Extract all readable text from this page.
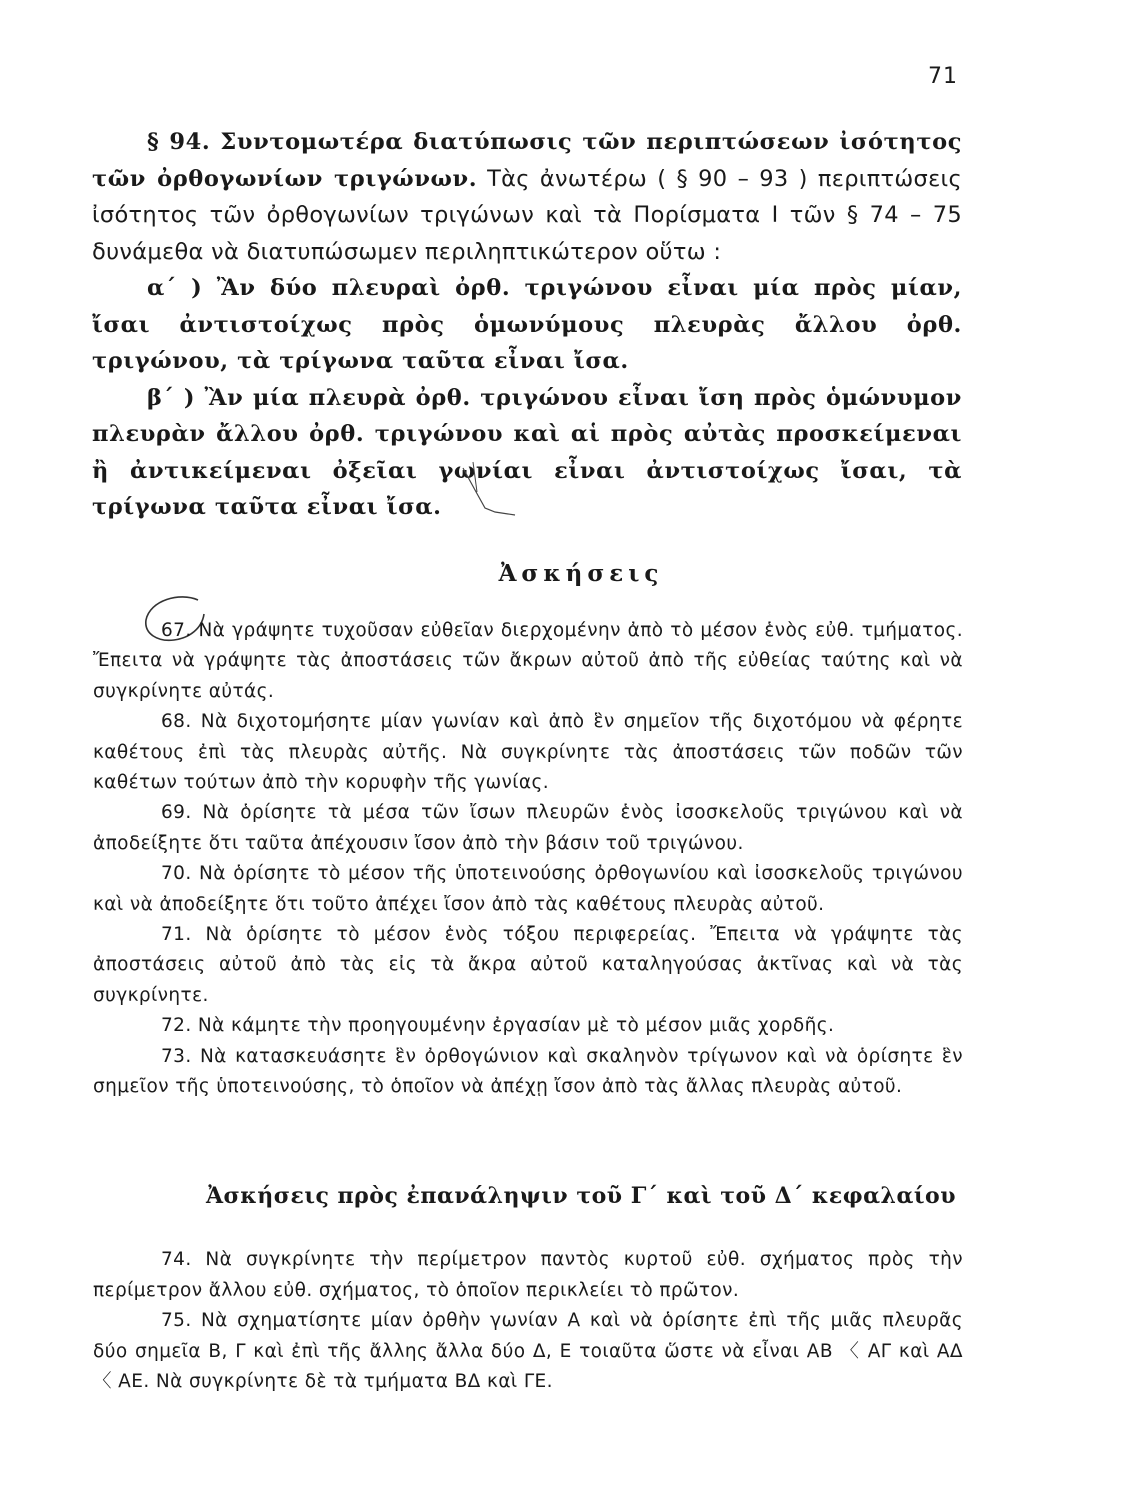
71

§ 94. Συντομωτέρα διατύπωσις τῶν περιπτώσεων ἰσότητος τῶν ὀρθογωνίων τριγώνων. Τὰς ἀνωτέρω ( § 90 – 93 ) περιπτώσεις ἰσότητος τῶν ὀρθογωνίων τριγώνων καὶ τὰ Πορίσματα Ι τῶν § 74 – 75 δυνάμεθα νὰ διατυπώσωμεν περιληπτικώτερον οὕτω :

α΄ ) Ἂν δύο πλευραὶ ὀρθ. τριγώνου εἶναι μία πρὸς μίαν, ἴσαι ἀντιστοίχως πρὸς ὁμωνύμους πλευρὰς ἄλλου ὀρθ. τριγώνου, τὰ τρίγωνα ταῦτα εἶναι ἴσα.

β΄ ) Ἂν μία πλευρὰ ὀρθ. τριγώνου εἶναι ἴση πρὸς ὁμώνυμον πλευρὰν ἄλλου ὀρθ. τριγώνου καὶ αἱ πρὸς αὐτὰς προσκείμεναι ἢ ἀντικείμεναι ὀξεῖαι γωνίαι εἶναι ἀντιστοίχως ἴσαι, τὰ τρίγωνα ταῦτα εἶναι ἴσα.

Ἀσκήσεις

67. Νὰ γράψητε τυχοῦσαν εὐθεῖαν διερχομένην ἀπὸ τὸ μέσον ἑνὸς εὐθ. τμήματος. Ἔπειτα νὰ γράψητε τὰς ἀποστάσεις τῶν ἄκρων αὐτοῦ ἀπὸ τῆς εὐθείας ταύτης καὶ νὰ συγκρίνητε αὐτάς.

68. Νὰ διχοτομήσητε μίαν γωνίαν καὶ ἀπὸ ἓν σημεῖον τῆς διχοτόμου νὰ φέρητε καθέτους ἐπὶ τὰς πλευρὰς αὐτῆς. Νὰ συγκρίνητε τὰς ἀποστάσεις τῶν ποδῶν τῶν καθέτων τούτων ἀπὸ τὴν κορυφὴν τῆς γωνίας.

69. Νὰ ὁρίσητε τὰ μέσα τῶν ἴσων πλευρῶν ἑνὸς ἰσοσκελοῦς τριγώνου καὶ νὰ ἀποδείξητε ὅτι ταῦτα ἀπέχουσιν ἴσον ἀπὸ τὴν βάσιν τοῦ τριγώνου.

70. Νὰ ὁρίσητε τὸ μέσον τῆς ὑποτεινούσης ὀρθογωνίου καὶ ἰσοσκελοῦς τριγώνου καὶ νὰ ἀποδείξητε ὅτι τοῦτο ἀπέχει ἴσον ἀπὸ τὰς καθέτους πλευρὰς αὐτοῦ.

71. Νὰ ὁρίσητε τὸ μέσον ἑνὸς τόξου περιφερείας. Ἔπειτα νὰ γράψητε τὰς ἀποστάσεις αὐτοῦ ἀπὸ τὰς εἰς τὰ ἄκρα αὐτοῦ καταληγούσας ἀκτῖνας καὶ νὰ τὰς συγκρίνητε.

72. Νὰ κάμητε τὴν προηγουμένην ἐργασίαν μὲ τὸ μέσον μιᾶς χορδῆς.

73. Νὰ κατασκευάσητε ἓν ὀρθογώνιον καὶ σκαληνὸν τρίγωνον καὶ νὰ ὁρίσητε ἓν σημεῖον τῆς ὑποτεινούσης, τὸ ὁποῖον νὰ ἀπέχῃ ἴσον ἀπὸ τὰς ἄλλας πλευρὰς αὐτοῦ.

Ἀσκήσεις πρὸς ἐπανάληψιν τοῦ Γ΄ καὶ τοῦ Δ΄ κεφαλαίου

74. Νὰ συγκρίνητε τὴν περίμετρον παντὸς κυρτοῦ εὐθ. σχήματος πρὸς τὴν περίμετρον ἄλλου εὐθ. σχήματος, τὸ ὁποῖον περικλείει τὸ πρῶτον.

75. Νὰ σχηματίσητε μίαν ὀρθὴν γωνίαν Α καὶ νὰ ὁρίσητε ἐπὶ τῆς μιᾶς πλευρᾶς δύο σημεῖα Β, Γ καὶ ἐπὶ τῆς ἄλλης ἄλλα δύο Δ, Ε τοιαῦτα ὥστε νὰ εἶναι ΑΒ 〈 ΑΓ καὶ ΑΔ 〈 ΑΕ. Νὰ συγκρίνητε δὲ τὰ τμήματα ΒΔ καὶ ΓΕ.
